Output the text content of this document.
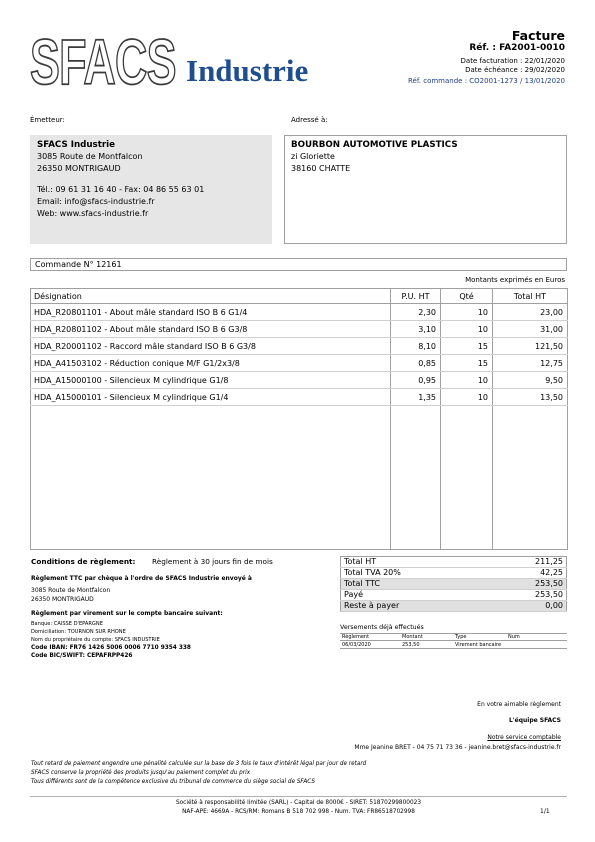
SFACS Industrie
Facture
Réf. : FA2001-0010
Date facturation : 22/01/2020
Date échéance : 29/02/2020
Réf. commande : CO2001-1273 / 13/01/2020
Émetteur:	Adressé à:
SFACS Industrie
3085 Route de Montfalcon
26350 MONTRIGAUD
Tél.: 09 61 31 16 40 - Fax: 04 86 55 63 01
Email: info@sfacs-industrie.fr
Web: www.sfacs-industrie.fr
BOURBON AUTOMOTIVE PLASTICS
zi Gloriette
38160 CHATTE
Commande N° 12161
Montants exprimés en Euros
Désignation	P.U. HT	Qté	Total HT
HDA_R20801101 - About mâle standard ISO B 6 G1/4	2,30	10	23,00
HDA_R20801102 - About mâle standard ISO B 6 G3/8	3,10	10	31,00
HDA_R20001102 - Raccord mâle standard ISO B 6 G3/8	8,10	15	121,50
HDA_A41503102 - Réduction conique M/F G1/2x3/8	0,85	15	12,75
HDA_A15000100 - Silencieux M cylindrique G1/8	0,95	10	9,50
HDA_A15000101 - Silencieux M cylindrique G1/4	1,35	10	13,50

Conditions de règlement: Règlement à 30 jours fin de mois
Règlement TTC par chèque à l'ordre de SFACS Industrie envoyé à
3085 Route de Montfalcon
26350 MONTRIGAUD
Règlement par virement sur le compte bancaire suivant:
Banque: CAISSE D'EPARGNE
Domiciliation: TOURNON SUR RHONE
Nom du propriétaire du compte: SFACS INDUSTRIE
Code IBAN: FR76 1426 5006 0006 7710 9354 338
Code BIC/SWIFT: CEPAFRPP426
Total HT	211,25
Total TVA 20%	42,25
Total TTC	253,50
Payé	253,50
Reste à payer	0,00
Versements déjà effectués
Règlement	Montant	Type	Num
06/03/2020	253,50	Virement bancaire	
En votre aimable règlement
L'équipe SFACS
Notre service comptable
Mme Jeanine BRET - 04 75 71 73 36 - jeanine.bret@sfacs-industrie.fr
Tout retard de paiement engendre une pénalité calculée sur la base de 3 fois le taux d'intérêt légal par jour de retard
SFACS conserve la propriété des produits jusqu'au paiement complet du prix
Tous différents sont de la compétence exclusive du tribunal de commerce du siège social de SFACS
Société à responsabilité limitée (SARL) - Capital de 8000€ - SIRET: 51870299800023
NAF-APE: 4669A - RCS/RM: Romans B 518 702 998 - Num. TVA: FR86518702998	1/1
